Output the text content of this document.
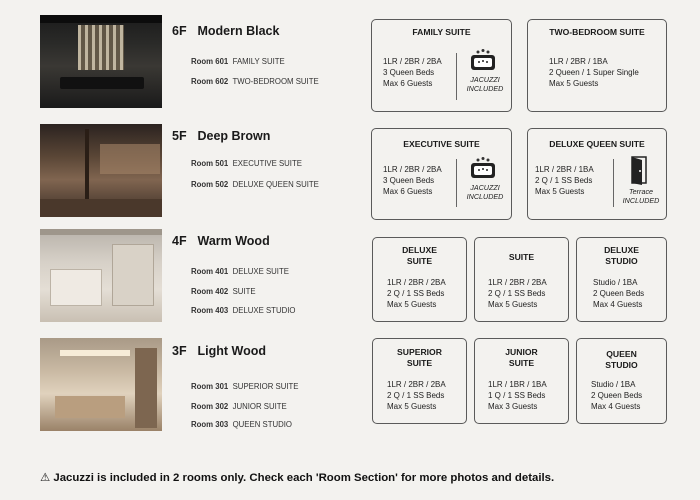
6F Modern Black
Room 601 FAMILY SUITE
Room 602 TWO-BEDROOM SUITE
5F Deep Brown
Room 501 EXECUTIVE SUITE
Room 502 DELUXE QUEEN SUITE
4F Warm Wood
Room 401 DELUXE SUITE
Room 402 SUITE
Room 403 DELUXE STUDIO
3F Light Wood
Room 301 SUPERIOR SUITE
Room 302 JUNIOR SUITE
Room 303 QUEEN STUDIO
FAMILY SUITE
1LR / 2BR / 2BA
3 Queen Beds
Max 6 Guests	JACUZZI
INCLUDED
TWO-BEDROOM SUITE
1LR / 2BR / 1BA
2 Queen / 1 Super Single
Max 5 Guests
EXECUTIVE SUITE
1LR / 2BR / 2BA
3 Queen Beds
Max 6 Guests	JACUZZI
INCLUDED
DELUXE QUEEN SUITE
1LR / 2BR / 1BA
2 Q / 1 SS Beds
Max 5 Guests	Terrace
INCLUDED
DELUXE
SUITE
1LR / 2BR / 2BA
2 Q / 1 SS Beds
Max 5 Guests
SUITE
1LR / 2BR / 2BA
2 Q / 1 SS Beds
Max 5 Guests
DELUXE
STUDIO
Studio / 1BA
2 Queen Beds
Max 4 Guests
SUPERIOR
SUITE
1LR / 2BR / 2BA
2 Q / 1 SS Beds
Max 5 Guests
JUNIOR
SUITE
1LR / 1BR / 1BA
1 Q / 1 SS Beds
Max 3 Guests
QUEEN
STUDIO
Studio / 1BA
2 Queen Beds
Max 4 Guests
⚠ Jacuzzi is included in 2 rooms only. Check each 'Room Section' for more photos and details.
